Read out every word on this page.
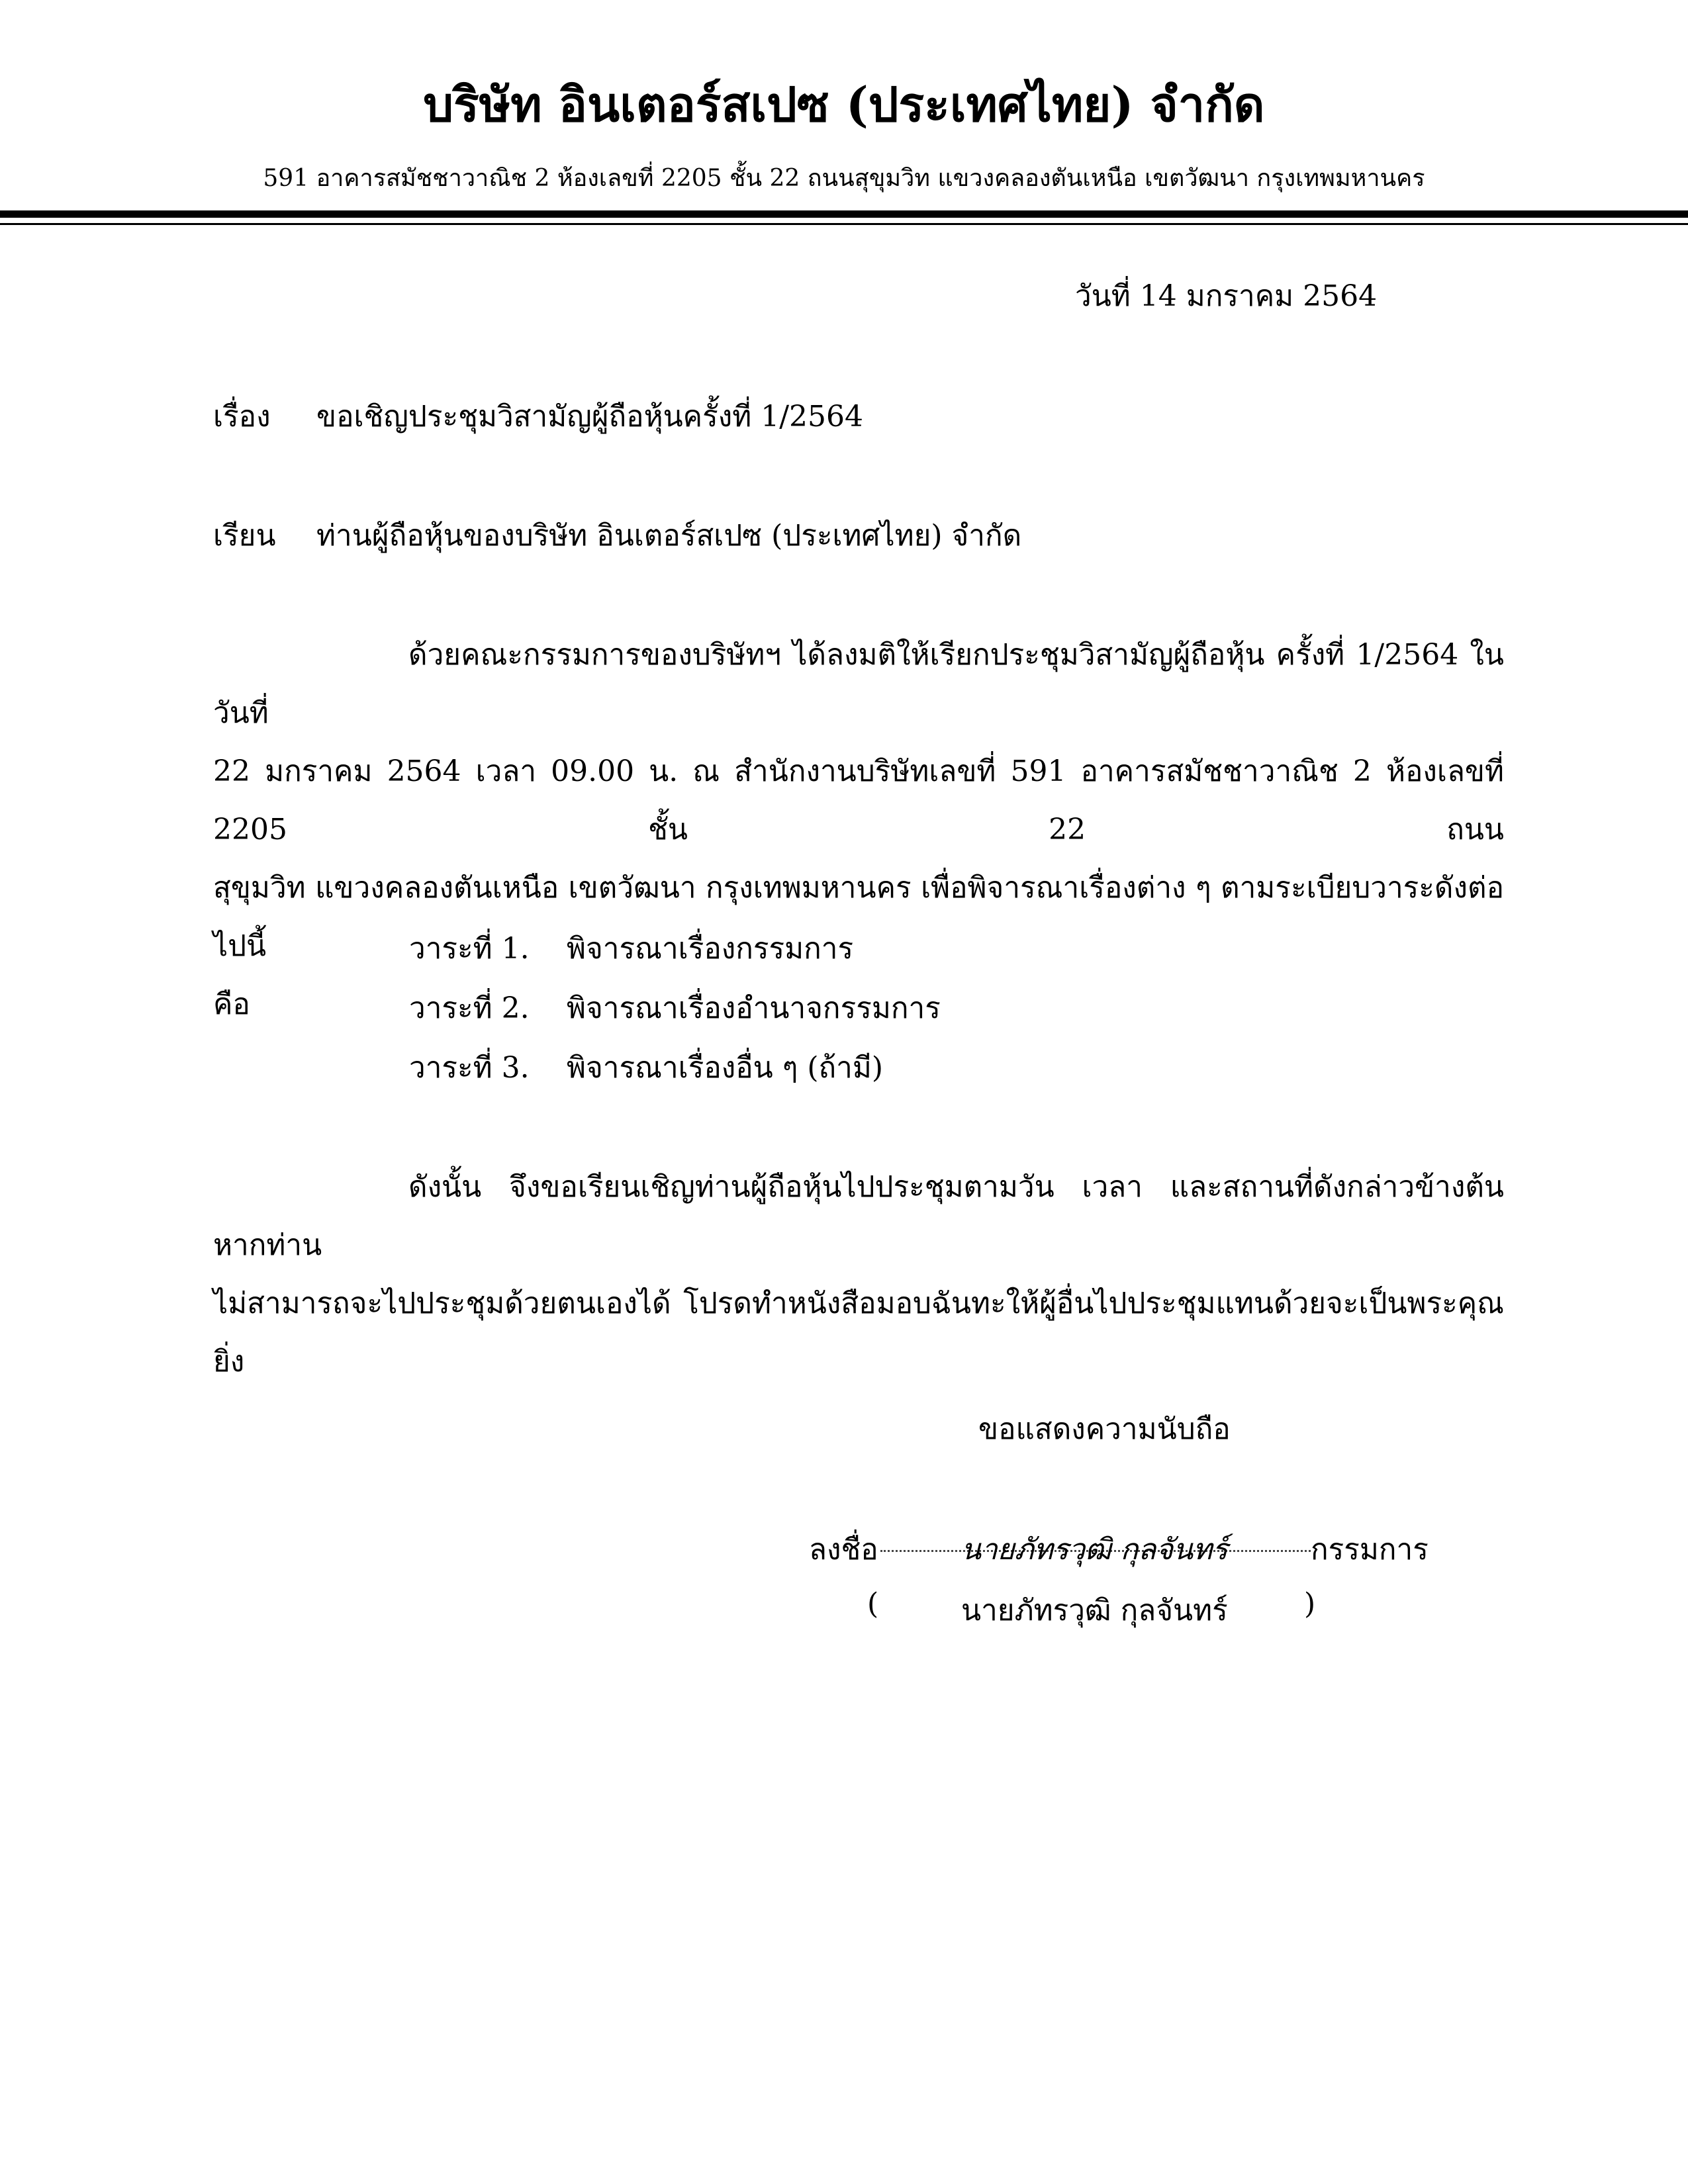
บริษัท อินเตอร์สเปซ (ประเทศไทย) จำกัด
591 อาคารสมัชชาวาณิช 2 ห้องเลขที่ 2205 ชั้น 22 ถนนสุขุมวิท แขวงคลองตันเหนือ เขตวัฒนา กรุงเทพมหานคร
วันที่ 14 มกราคม 2564
เรื่อง ขอเชิญประชุมวิสามัญผู้ถือหุ้นครั้งที่ 1/2564
เรียน ท่านผู้ถือหุ้นของบริษัท อินเตอร์สเปซ (ประเทศไทย) จำกัด
ด้วยคณะกรรมการของบริษัทฯ ได้ลงมติให้เรียกประชุมวิสามัญผู้ถือหุ้น ครั้งที่ 1/2564 ในวันที่
22 มกราคม 2564 เวลา 09.00 น. ณ สำนักงานบริษัทเลขที่ 591 อาคารสมัชชาวาณิช 2 ห้องเลขที่ 2205 ชั้น 22 ถนน
สุขุมวิท แขวงคลองตันเหนือ เขตวัฒนา กรุงเทพมหานคร เพื่อพิจารณาเรื่องต่าง ๆ ตามระเบียบวาระดังต่อไปนี้
คือ
วาระที่ 1. พิจารณาเรื่องกรรมการ
วาระที่ 2. พิจารณาเรื่องอำนาจกรรมการ
วาระที่ 3. พิจารณาเรื่องอื่น ๆ (ถ้ามี)
ดังนั้น จึงขอเรียนเชิญท่านผู้ถือหุ้นไปประชุมตามวัน เวลา และสถานที่ดังกล่าวข้างต้น หากท่าน
ไม่สามารถจะไปประชุมด้วยตนเองได้ โปรดทำหนังสือมอบฉันทะให้ผู้อื่นไปประชุมแทนด้วยจะเป็นพระคุณยิ่ง
ขอแสดงความนับถือ
ลงชื่อ	นายภัทรวุฒิ กุลจันทร์	กรรมการ
(	นายภัทรวุฒิ กุลจันทร์	)
